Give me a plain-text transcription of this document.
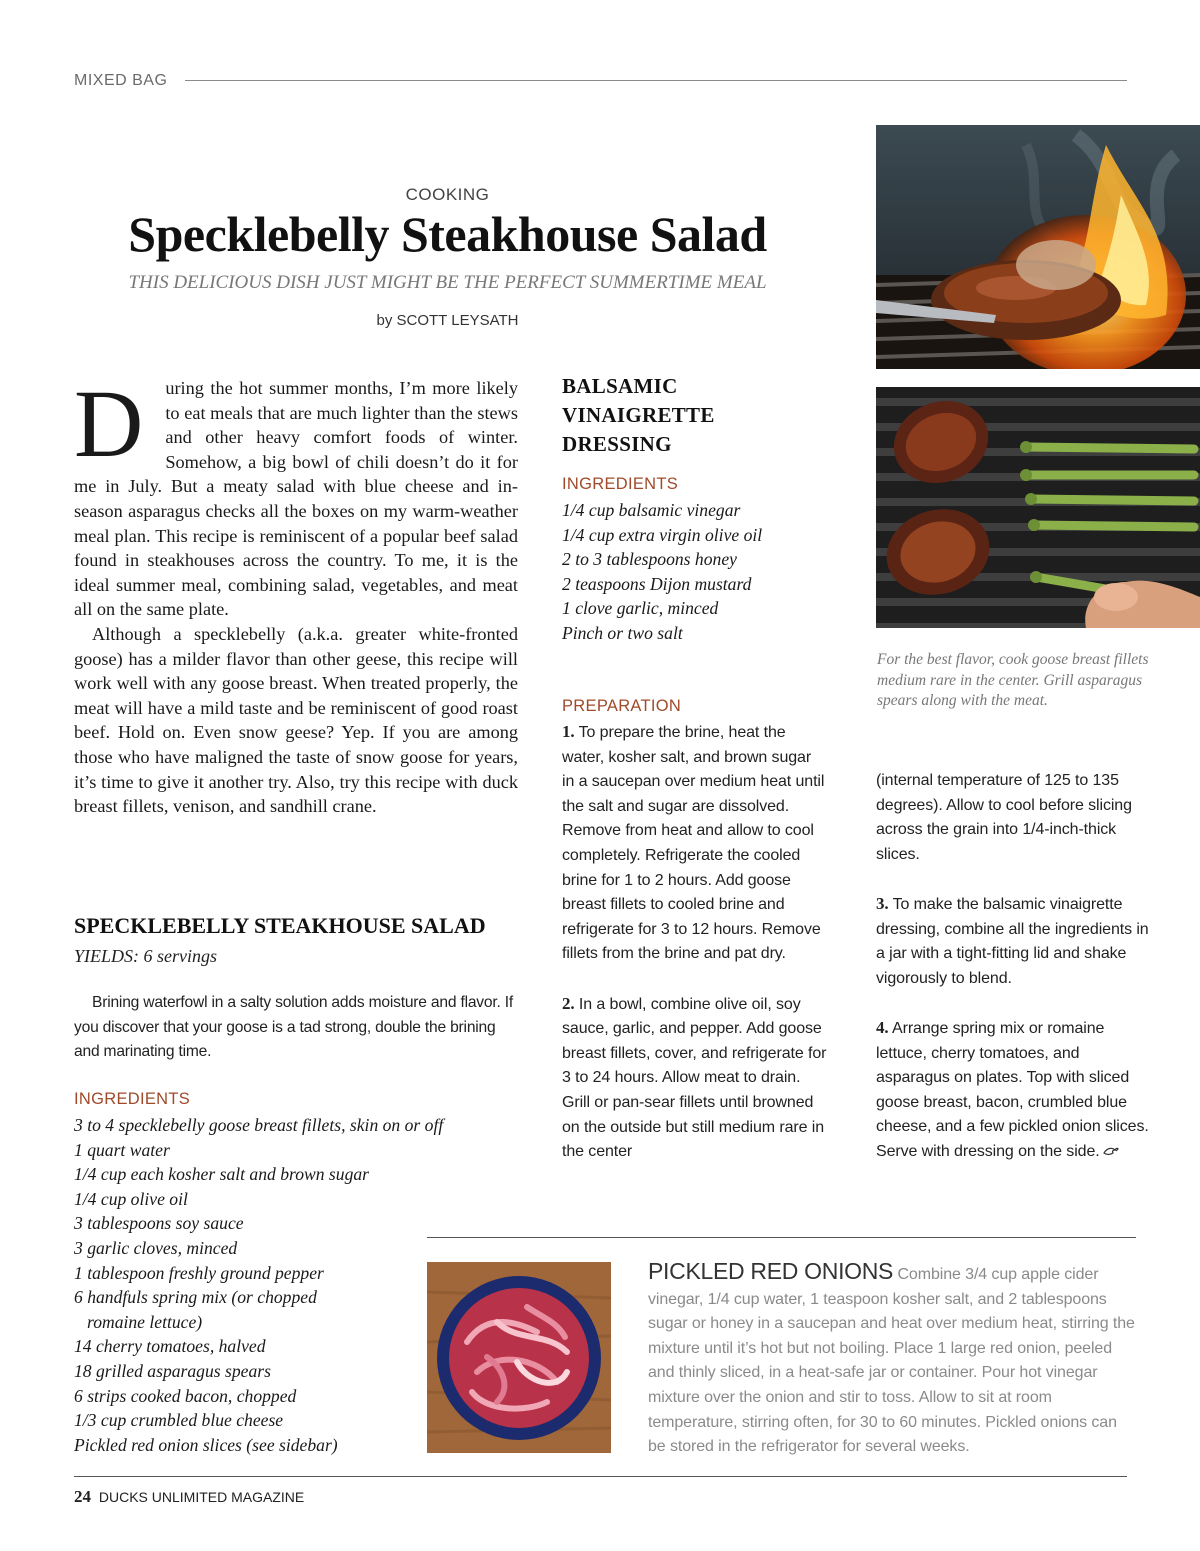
MIXED BAG
COOKING
Specklebelly Steakhouse Salad
THIS DELICIOUS DISH JUST MIGHT BE THE PERFECT SUMMERTIME MEAL
by SCOTT LEYSATH

D uring the hot summer months, I’m more likely to eat meals that are much lighter than the stews and other heavy comfort foods of winter. Somehow, a big bowl of chili doesn’t do it for me in July. But a meaty salad with blue cheese and in-season asparagus checks all the boxes on my warm-weather meal plan. This recipe is reminiscent of a popular beef salad found in steakhouses across the country. To me, it is the ideal summer meal, combining salad, vegetables, and meat all on the same plate.

Although a specklebelly (a.k.a. greater white-fronted goose) has a milder flavor than other geese, this recipe will work well with any goose breast. When treated properly, the meat will have a mild taste and be reminiscent of good roast beef. Hold on. Even snow geese? Yep. If you are among those who have maligned the taste of snow goose for years, it’s time to give it another try. Also, try this recipe with duck breast fillets, venison, and sandhill crane.

SPECKLEBELLY STEAKHOUSE SALAD
YIELDS: 6 servings

Brining waterfowl in a salty solution adds moisture and flavor. If you discover that your goose is a tad strong, double the brining and marinating time.

INGREDIENTS
3 to 4 specklebelly goose breast fillets, skin on or off
1 quart water
1/4 cup each kosher salt and brown sugar
1/4 cup olive oil
3 tablespoons soy sauce
3 garlic cloves, minced
1 tablespoon freshly ground pepper
6 handfuls spring mix (or chopped
romaine lettuce)
14 cherry tomatoes, halved
18 grilled asparagus spears
6 strips cooked bacon, chopped
1/3 cup crumbled blue cheese
Pickled red onion slices (see sidebar)
BALSAMIC VINAIGRETTE DRESSING
INGREDIENTS
1/4 cup balsamic vinegar
1/4 cup extra virgin olive oil
2 to 3 tablespoons honey
2 teaspoons Dijon mustard
1 clove garlic, minced
Pinch or two salt
PREPARATION

1. To prepare the brine, heat the water, kosher salt, and brown sugar in a saucepan over medium heat until the salt and sugar are dissolved. Remove from heat and allow to cool completely. Refrigerate the cooled brine for 1 to 2 hours. Add goose breast fillets to cooled brine and refrigerate for 3 to 12 hours. Remove fillets from the brine and pat dry.

2. In a bowl, combine olive oil, soy sauce, garlic, and pepper. Add goose breast fillets, cover, and refrigerate for 3 to 24 hours. Allow meat to drain. Grill or pan-sear fillets until browned on the outside but still medium rare in the center

For the best flavor, cook goose breast fillets medium rare in the center. Grill asparagus spears along with the meat.

(internal temperature of 125 to 135 degrees). Allow to cool before slicing across the grain into 1/4-inch-thick slices.

3. To make the balsamic vinaigrette dressing, combine all the ingredients in a jar with a tight-fitting lid and shake vigorously to blend.

4. Arrange spring mix or romaine lettuce, cherry tomatoes, and asparagus on plates. Top with sliced goose breast, bacon, crumbled blue cheese, and a few pickled onion slices. Serve with dressing on the side.

PICKLED RED ONIONS Combine 3/4 cup apple cider vinegar, 1/4 cup water, 1 teaspoon kosher salt, and 2 tablespoons sugar or honey in a saucepan and heat over medium heat, stirring the mixture until it’s hot but not boiling. Place 1 large red onion, peeled and thinly sliced, in a heat-safe jar or container. Pour hot vinegar mixture over the onion and stir to toss. Allow to sit at room temperature, stirring often, for 30 to 60 minutes. Pickled onions can be stored in the refrigerator for several weeks.
24 DUCKS UNLIMITED MAGAZINE
